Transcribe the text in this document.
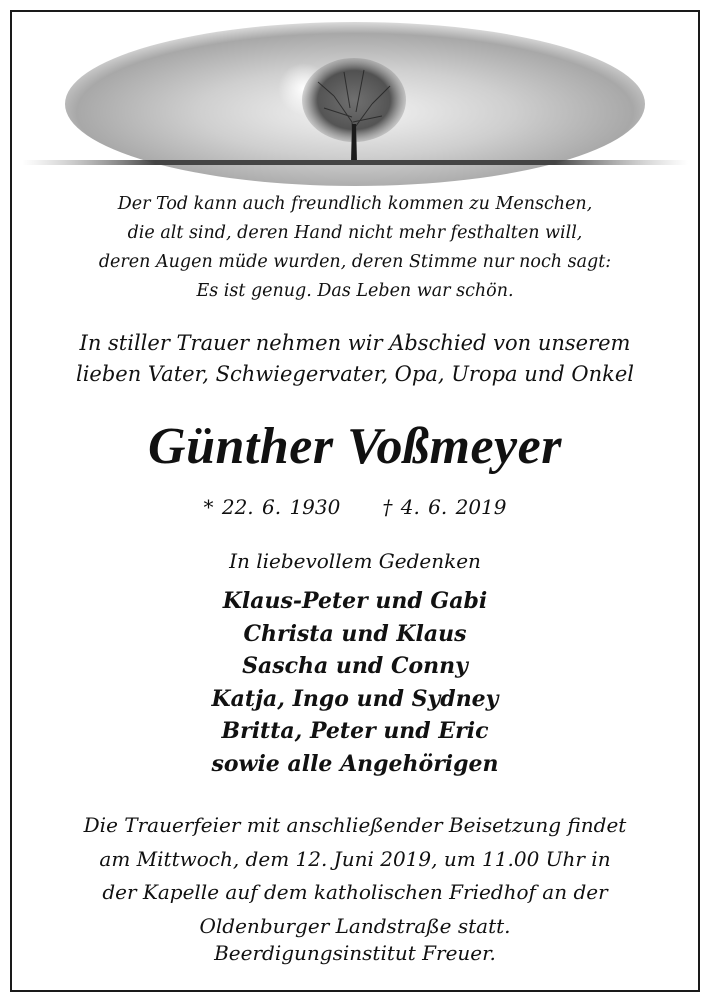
Der Tod kann auch freundlich kommen zu Menschen,
die alt sind, deren Hand nicht mehr festhalten will,
deren Augen müde wurden, deren Stimme nur noch sagt:
Es ist genug. Das Leben war schön.
In stiller Trauer nehmen wir Abschied von unserem
lieben Vater, Schwiegervater, Opa, Uropa und Onkel
Günther Voßmeyer
* 22. 6. 1930 † 4. 6. 2019
In liebevollem Gedenken
Klaus-Peter und Gabi
Christa und Klaus
Sascha und Conny
Katja, Ingo und Sydney
Britta, Peter und Eric
sowie alle Angehörigen
Die Trauerfeier mit anschließender Beisetzung findet
am Mittwoch, dem 12. Juni 2019, um 11.00 Uhr in
der Kapelle auf dem katholischen Friedhof an der
Oldenburger Landstraße statt.
Beerdigungsinstitut Freuer.
